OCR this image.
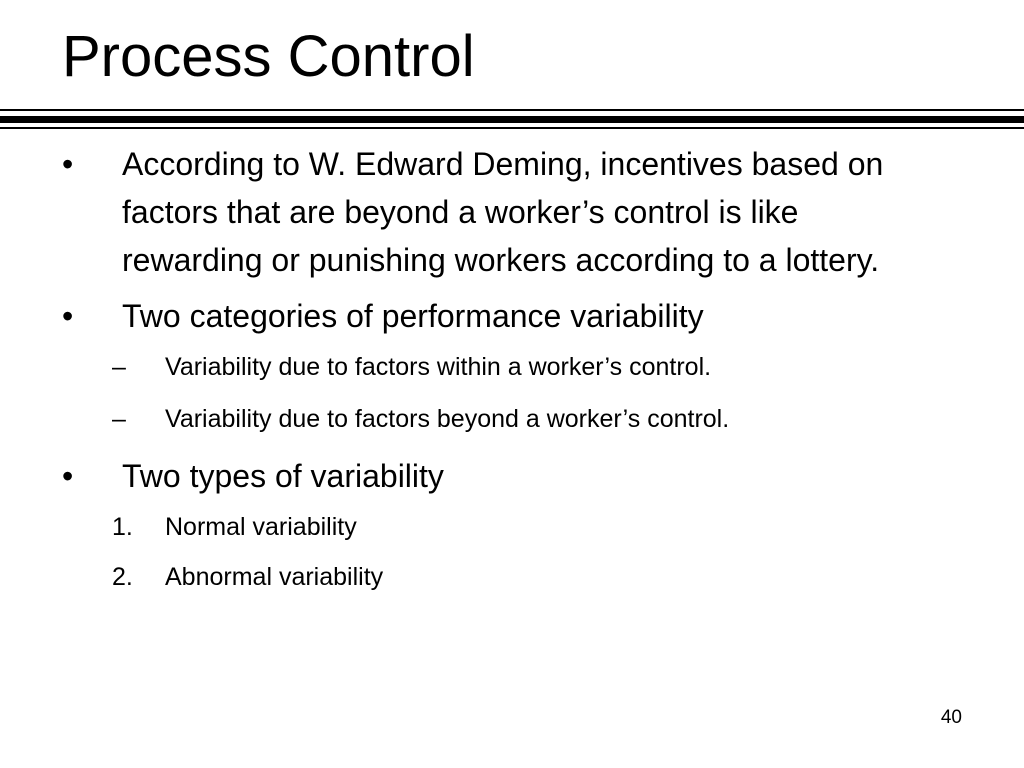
Process Control
•	According to W. Edward Deming, incentives based on factors that are beyond a worker’s control is like rewarding or punishing workers according to a lottery.
•	Two categories of performance variability
–	Variability due to factors within a worker’s control.
–	Variability due to factors beyond a worker’s control.
•	Two types of variability
1.	Normal variability
2.	Abnormal variability
40
